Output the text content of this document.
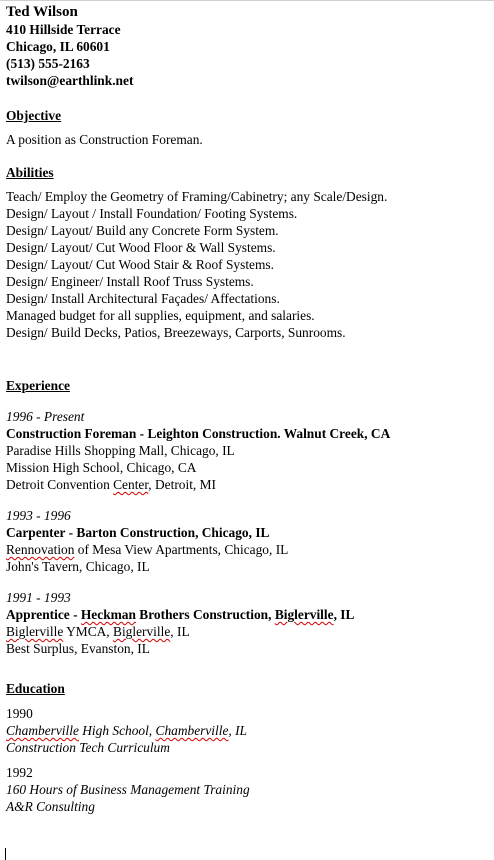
Ted Wilson
410 Hillside Terrace
Chicago, IL 60601
(513) 555-2163
twilson@earthlink.net
Objective
A position as Construction Foreman.
Abilities
Teach/ Employ the Geometry of Framing/Cabinetry; any Scale/Design.
Design/ Layout / Install Foundation/ Footing Systems.
Design/ Layout/ Build any Concrete Form System.
Design/ Layout/ Cut Wood Floor & Wall Systems.
Design/ Layout/ Cut Wood Stair & Roof Systems.
Design/ Engineer/ Install Roof Truss Systems.
Design/ Install Architectural Façades/ Affectations.
Managed budget for all supplies, equipment, and salaries.
Design/ Build Decks, Patios, Breezeways, Carports, Sunrooms.
Experience
1996 - Present
Construction Foreman - Leighton Construction. Walnut Creek, CA
Paradise Hills Shopping Mall, Chicago, IL
Mission High School, Chicago, CA
Detroit Convention Center, Detroit, MI
1993 - 1996
Carpenter - Barton Construction, Chicago, IL
Rennovation of Mesa View Apartments, Chicago, IL
John's Tavern, Chicago, IL
1991 - 1993
Apprentice - Heckman Brothers Construction, Biglerville, IL
Biglerville YMCA, Biglerville, IL
Best Surplus, Evanston, IL
Education
1990
Chamberville High School, Chamberville, IL
Construction Tech Curriculum
1992
160 Hours of Business Management Training
A&R Consulting
